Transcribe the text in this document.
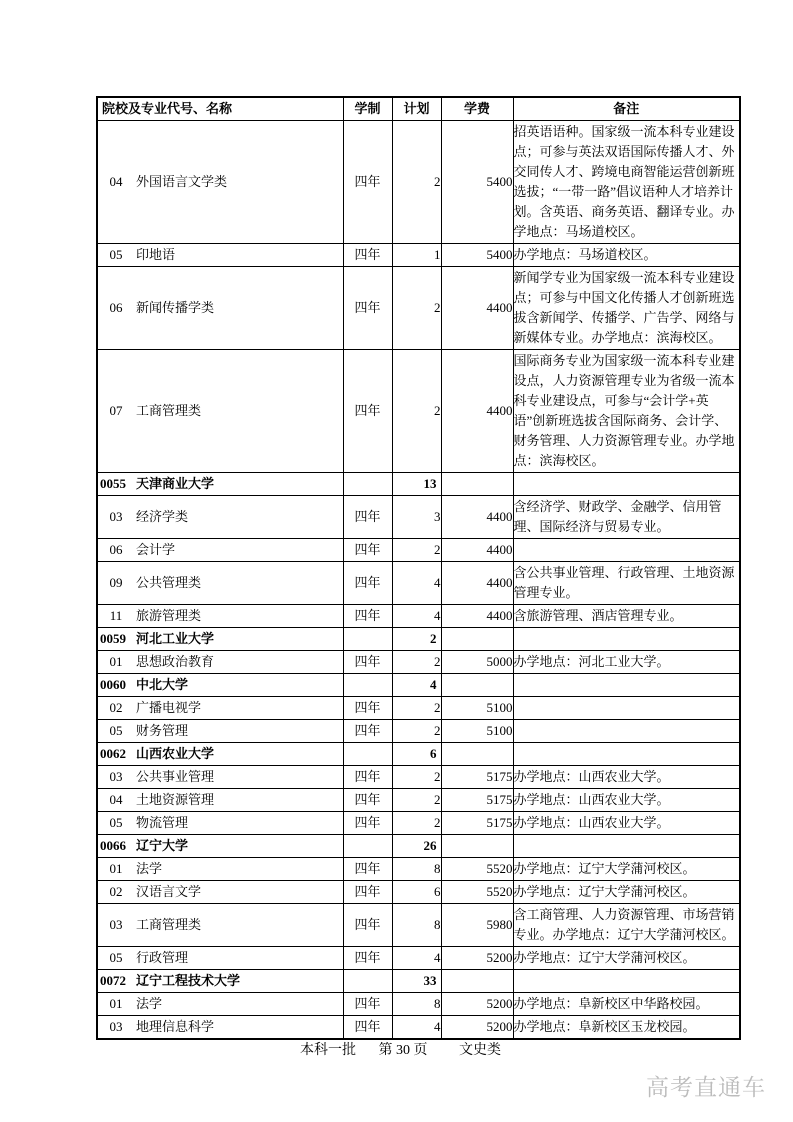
院校及专业代号、名称	学制	计划	学费	备注
04 外国语言文学类	四年	2	5400	招英语语种。国家级一流本科专业建设点；可参与英法双语国际传播人才、外交同传人才、跨境电商智能运营创新班选拔；“一带一路”倡议语种人才培养计划。含英语、商务英语、翻译专业。办学地点：马场道校区。
05 印地语	四年	1	5400	办学地点：马场道校区。
06 新闻传播学类	四年	2	4400	新闻学专业为国家级一流本科专业建设点；可参与中国文化传播人才创新班选拔含新闻学、传播学、广告学、网络与新媒体专业。办学地点：滨海校区。
07 工商管理类	四年	2	4400	国际商务专业为国家级一流本科专业建设点，人力资源管理专业为省级一流本科专业建设点，可参与“会计学+英语”创新班选拔含国际商务、会计学、财务管理、人力资源管理专业。办学地点：滨海校区。
0055 天津商业大学		13		
03 经济学类	四年	3	4400	含经济学、财政学、金融学、信用管理、国际经济与贸易专业。
06 会计学	四年	2	4400	
09 公共管理类	四年	4	4400	含公共事业管理、行政管理、土地资源管理专业。
11 旅游管理类	四年	4	4400	含旅游管理、酒店管理专业。
0059 河北工业大学		2		
01 思想政治教育	四年	2	5000	办学地点：河北工业大学。
0060 中北大学		4		
02 广播电视学	四年	2	5100	
05 财务管理	四年	2	5100	
0062 山西农业大学		6		
03 公共事业管理	四年	2	5175	办学地点：山西农业大学。
04 土地资源管理	四年	2	5175	办学地点：山西农业大学。
05 物流管理	四年	2	5175	办学地点：山西农业大学。
0066 辽宁大学		26		
01 法学	四年	8	5520	办学地点：辽宁大学蒲河校区。
02 汉语言文学	四年	6	5520	办学地点：辽宁大学蒲河校区。
03 工商管理类	四年	8	5980	含工商管理、人力资源管理、市场营销专业。办学地点：辽宁大学蒲河校区。
05 行政管理	四年	4	5200	办学地点：辽宁大学蒲河校区。
0072 辽宁工程技术大学		33		
01 法学	四年	8	5200	办学地点：阜新校区中华路校园。
03 地理信息科学	四年	4	5200	办学地点：阜新校区玉龙校园。
本科一批 第 30 页 文史类
高考直通车
